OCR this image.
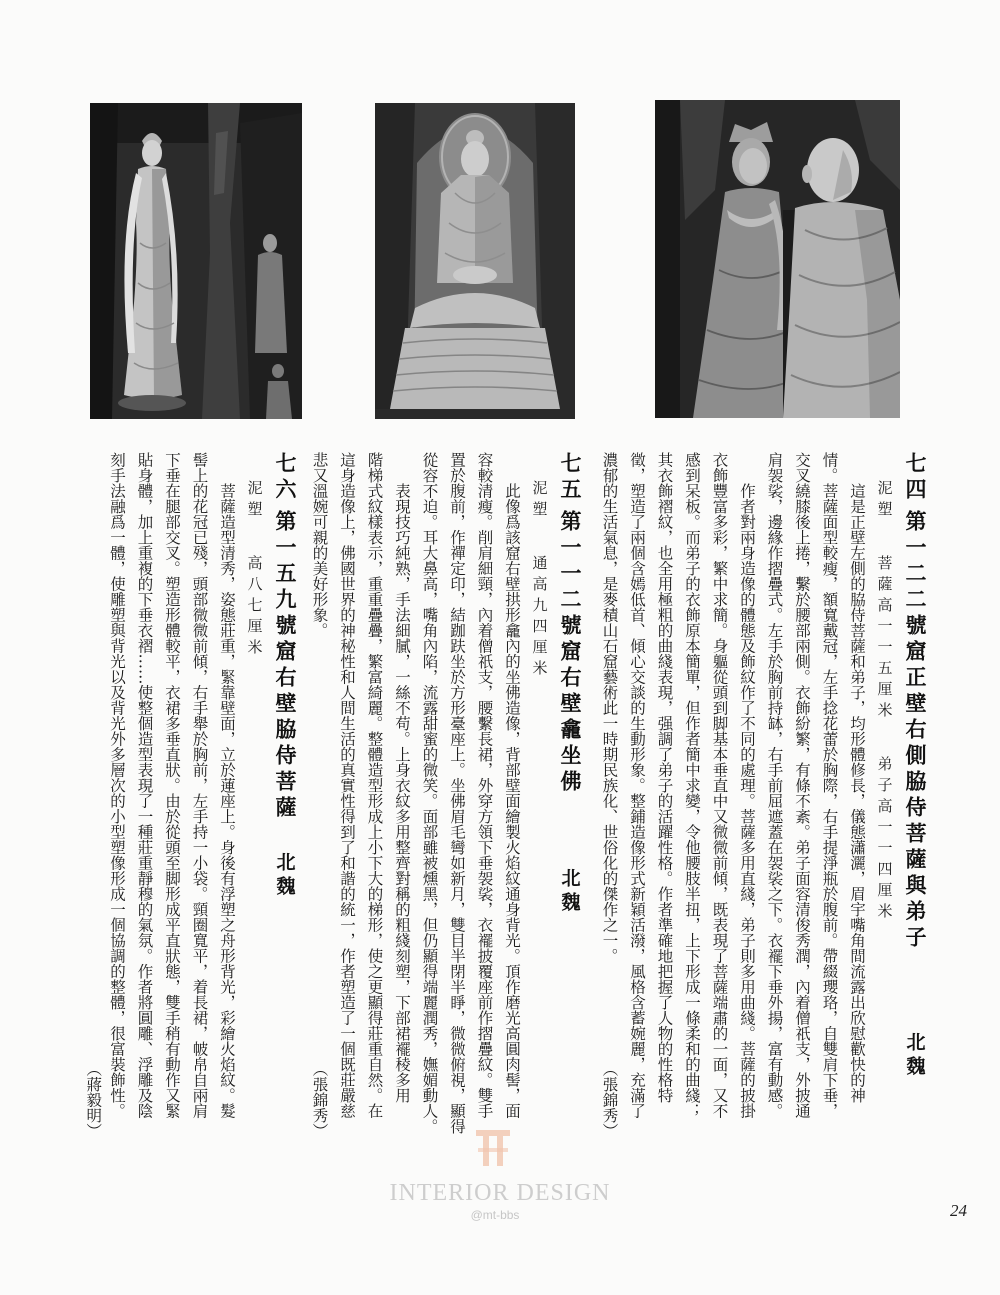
七四
第一二二號窟正壁右側脇侍菩薩與弟子
北魏
泥塑
菩薩高一一五厘米
弟子高一一四厘米
這是正壁左側的脇侍菩薩和弟子，均形體修長，儀態瀟灑，眉宇嘴角間流露出欣慰歡快的神
情。菩薩面型較瘦，額寬戴冠，左手捻花蕾於胸際，右手提淨瓶於腹前。帶綴瓔珞，自雙肩下垂，
交叉繞膝後上捲，繫於腰部兩側。衣飾紛繁，有條不紊。弟子面容清俊秀潤，內着僧祇支，外披通
肩袈裟，邊緣作摺疊式。左手於胸前持缽，右手前屈遮蓋在袈裟之下。衣襬下垂外揚，富有動感。
作者對兩身造像的體態及飾紋作了不同的處理。菩薩多用直綫，弟子則多用曲綫。菩薩的披掛
衣飾豐富多彩，繁中求簡。身軀從頭到脚基本垂直中又微微前傾，既表現了菩薩端肅的一面，又不
感到呆板。而弟子的衣飾原本簡單，但作者簡中求變，令他腰肢半扭，上下形成一條柔和的曲綫；
其衣飾褶紋，也全用極粗的曲綫表現，强調了弟子的活躍性格。作者準確地把握了人物的性格特
徵，塑造了兩個含嫣低首、傾心交談的生動形象。整鋪造像形式新穎活潑，風格含蓄婉麗，充滿了
濃郁的生活氣息，是麥積山石窟藝術此一時期民族化、世俗化的傑作之一。
（張錦秀）
七五
第一一二號窟右壁龕坐佛
北魏
泥塑
通高九四厘米
此像爲該窟右壁拱形龕內的坐佛造像，背部壁面繪製火焰紋通身背光。頂作磨光高圓肉髻，面
容較清瘦。削肩細頸，內着僧祇支，腰繫長裙，外穿方領下垂袈裟，衣襬披覆座前作摺疊紋。雙手
置於腹前，作禪定印，結跏趺坐於方形臺座上。坐佛眉毛彎如新月，雙目半閉半睜，微微俯視，顯得
從容不迫。耳大鼻高，嘴角內陷，流露甜蜜的微笑。面部雖被燻黑，但仍顯得端麗潤秀，嫵媚動人。
表現技巧純熟，手法細膩，一絲不苟。上身衣紋多用整齊對稱的粗綫刻塑，下部裙襬稜多用
階梯式紋樣表示，重重疊疊，繁富綺麗。整體造型形成上小下大的梯形，使之更顯得莊重自然。在
這身造像上，佛國世界的神秘性和人間生活的真實性得到了和諧的統一，作者塑造了一個既莊嚴慈
悲又溫婉可親的美好形象。
（張錦秀）
七六
第一五九號窟右壁脇侍菩薩
北魏
泥塑
高八七厘米
菩薩造型清秀，姿態莊重，緊靠壁面，立於蓮座上。身後有浮塑之舟形背光，彩繪火焰紋。髮
髻上的花冠已殘，頭部微微前傾，右手舉於胸前，左手持一小袋。頸圈寬平，着長裙，帔帛自兩肩
下垂在腿部交叉。塑造形體較平，衣裙多垂直狀。由於從頭至脚形成平直狀態，雙手稍有動作又緊
貼身體，加上重複的下垂衣褶……使整個造型表現了一種莊重靜穆的氣氛。作者將圓雕、浮雕及陰
刻手法融爲一體，使雕塑與背光以及背光外多層次的小型塑像形成一個協調的整體，很富裝飾性。
（蔣毅明）
INTERIOR DESIGN
@mt-bbs	24
